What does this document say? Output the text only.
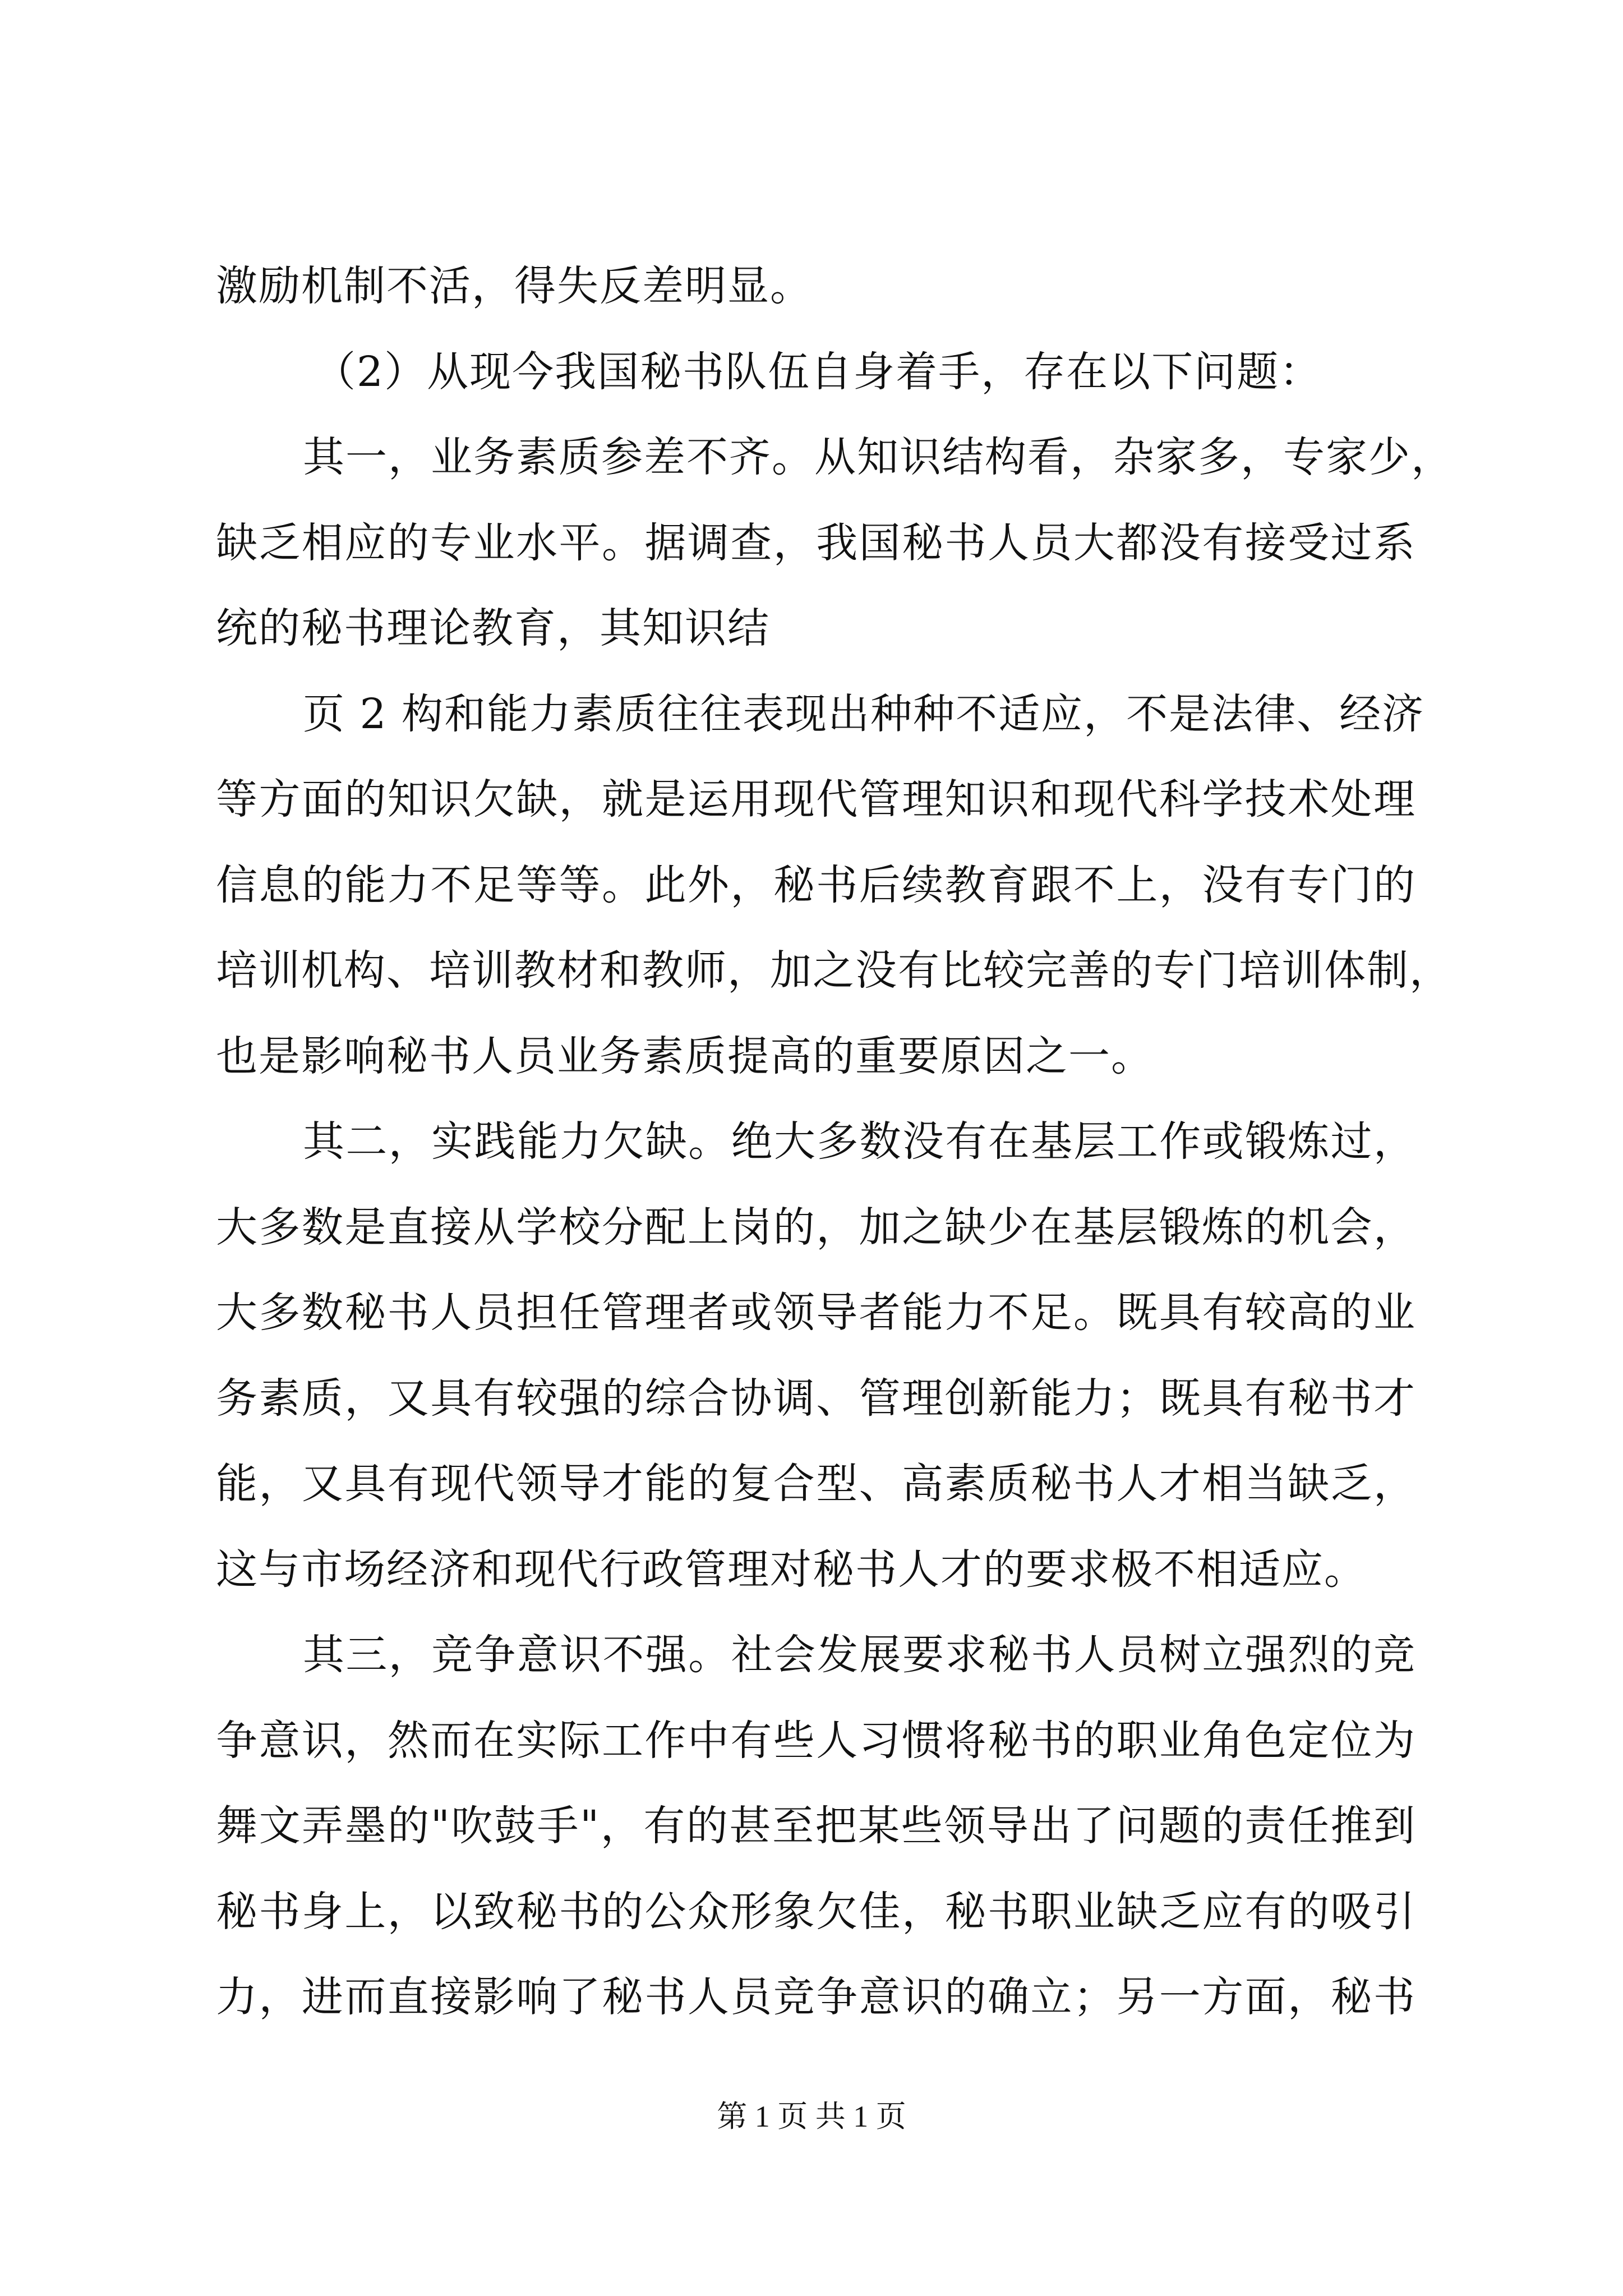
激励机制不活，得失反差明显。
（2）从现今我国秘书队伍自身着手，存在以下问题：
其一，业务素质参差不齐。从知识结构看，杂家多，专家少，
缺乏相应的专业水平。据调查，我国秘书人员大都没有接受过系
统的秘书理论教育，其知识结
页 2 构和能力素质往往表现出种种不适应，不是法律、经济
等方面的知识欠缺，就是运用现代管理知识和现代科学技术处理
信息的能力不足等等。此外，秘书后续教育跟不上，没有专门的
培训机构、培训教材和教师，加之没有比较完善的专门培训体制，
也是影响秘书人员业务素质提高的重要原因之一。
其二，实践能力欠缺。绝大多数没有在基层工作或锻炼过，
大多数是直接从学校分配上岗的，加之缺少在基层锻炼的机会，
大多数秘书人员担任管理者或领导者能力不足。既具有较高的业
务素质，又具有较强的综合协调、管理创新能力；既具有秘书才
能，又具有现代领导才能的复合型、高素质秘书人才相当缺乏，
这与市场经济和现代行政管理对秘书人才的要求极不相适应。
其三，竞争意识不强。社会发展要求秘书人员树立强烈的竞
争意识，然而在实际工作中有些人习惯将秘书的职业角色定位为
舞文弄墨的"吹鼓手"，有的甚至把某些领导出了问题的责任推到
秘书身上，以致秘书的公众形象欠佳，秘书职业缺乏应有的吸引
力，进而直接影响了秘书人员竞争意识的确立；另一方面，秘书
第 1 页 共 1 页
